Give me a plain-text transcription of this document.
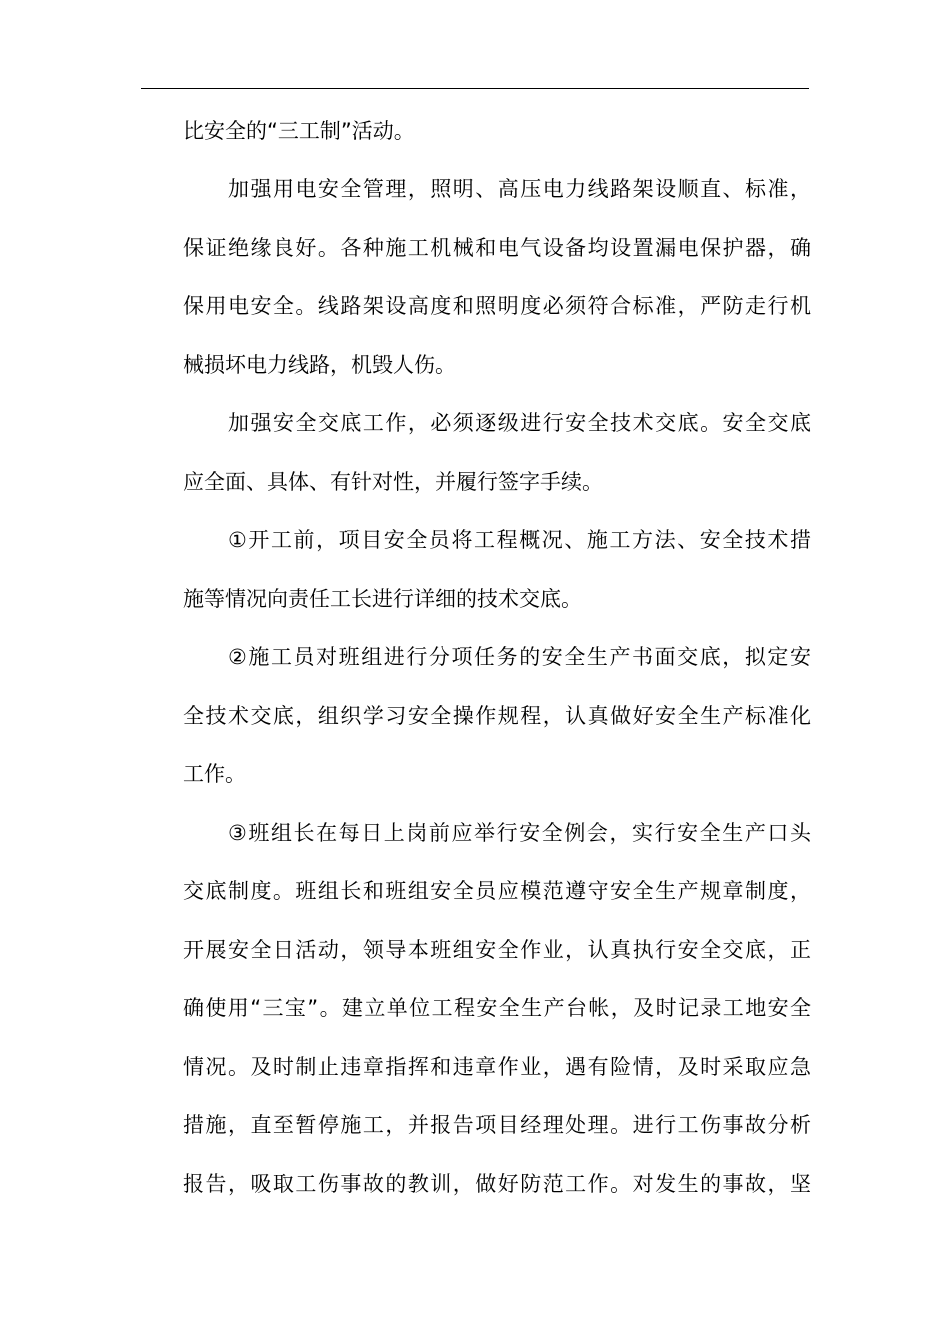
比安全的“三工制”活动。
加强用电安全管理，照明、高压电力线路架设顺直、标准，
保证绝缘良好。各种施工机械和电气设备均设置漏电保护器，确
保用电安全。线路架设高度和照明度必须符合标准，严防走行机
械损坏电力线路，机毁人伤。
加强安全交底工作，必须逐级进行安全技术交底。安全交底
应全面、具体、有针对性，并履行签字手续。
①开工前，项目安全员将工程概况、施工方法、安全技术措
施等情况向责任工长进行详细的技术交底。
②施工员对班组进行分项任务的安全生产书面交底，拟定安
全技术交底，组织学习安全操作规程，认真做好安全生产标准化
工作。
③班组长在每日上岗前应举行安全例会，实行安全生产口头
交底制度。班组长和班组安全员应模范遵守安全生产规章制度，
开展安全日活动，领导本班组安全作业，认真执行安全交底，正
确使用“三宝”。建立单位工程安全生产台帐，及时记录工地安全
情况。及时制止违章指挥和违章作业，遇有险情，及时采取应急
措施，直至暂停施工，并报告项目经理处理。进行工伤事故分析
报告，吸取工伤事故的教训，做好防范工作。对发生的事故，坚
